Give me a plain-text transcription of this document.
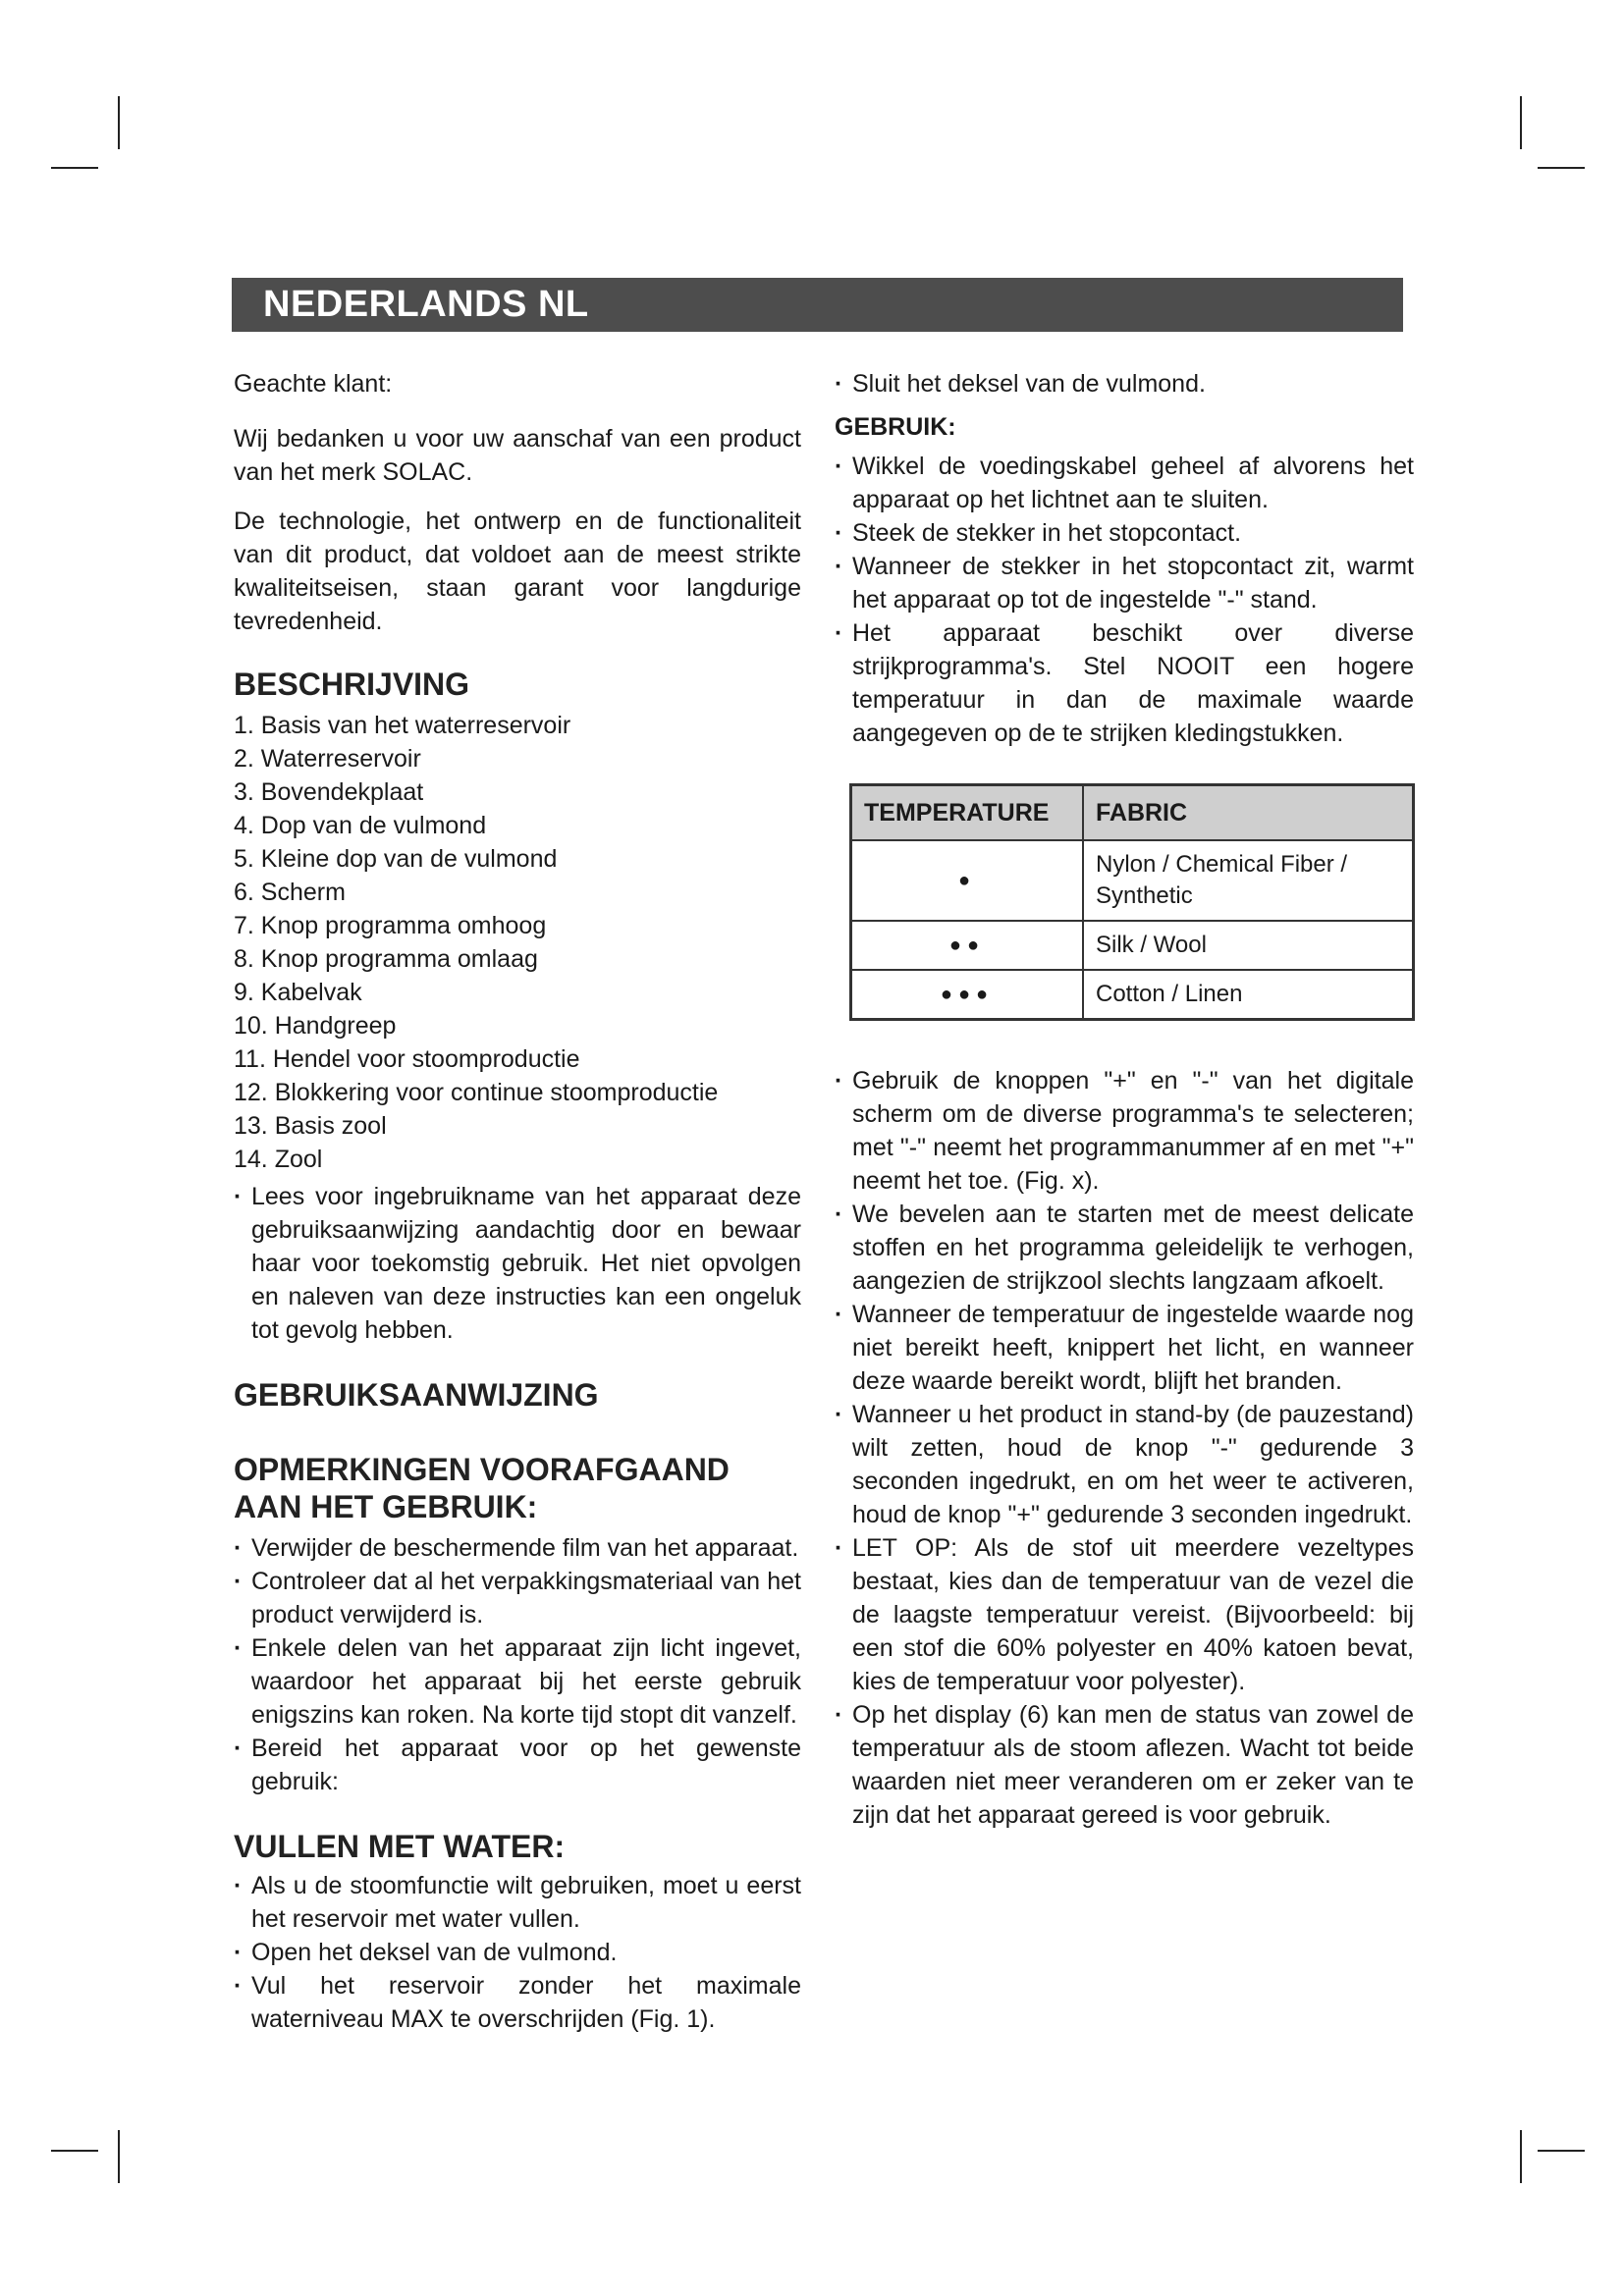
NEDERLANDS NL

Geachte klant:

Wij bedanken u voor uw aanschaf van een product van het merk SOLAC.

De technologie, het ontwerp en de functionaliteit van dit product, dat voldoet aan de meest strikte kwaliteitseisen, staan garant voor langdurige tevredenheid.

BESCHRIJVING
1. Basis van het waterreservoir
2. Waterreservoir
3. Bovendekplaat
4. Dop van de vulmond
5. Kleine dop van de vulmond
6. Scherm
7. Knop programma omhoog
8. Knop programma omlaag
9. Kabelvak
10. Handgreep
11. Hendel voor stoomproductie
12. Blokkering voor continue stoomproductie
13. Basis zool
14. Zool
· Lees voor ingebruikname van het apparaat deze gebruiksaanwijzing aandachtig door en bewaar haar voor toekomstig gebruik. Het niet opvolgen en naleven van deze instructies kan een ongeluk tot gevolg hebben.
GEBRUIKSAANWIJZING
OPMERKINGEN VOORAFGAAND AAN HET GEBRUIK:
· Verwijder de beschermende film van het apparaat.
· Controleer dat al het verpakkingsmateriaal van het product verwijderd is.
· Enkele delen van het apparaat zijn licht ingevet, waardoor het apparaat bij het eerste gebruik enigszins kan roken. Na korte tijd stopt dit vanzelf.
· Bereid het apparaat voor op het gewenste gebruik:
VULLEN MET WATER:
· Als u de stoomfunctie wilt gebruiken, moet u eerst het reservoir met water vullen.
· Open het deksel van de vulmond.
· Vul het reservoir zonder het maximale waterniveau MAX te overschrijden (Fig. 1).
· Sluit het deksel van de vulmond.
GEBRUIK:
· Wikkel de voedingskabel geheel af alvorens het apparaat op het lichtnet aan te sluiten.
· Steek de stekker in het stopcontact.
· Wanneer de stekker in het stopcontact zit, warmt het apparaat op tot de ingestelde "-" stand.
· Het apparaat beschikt over diverse strijkprogramma's. Stel NOOIT een hogere temperatuur in dan de maximale waarde aangegeven op de te strijken kledingstukken.
TEMPERATURE	FABRIC
●	Nylon / Chemical Fiber / Synthetic
●●	Silk / Wool
●●●	Cotton / Linen
· Gebruik de knoppen "+" en "-" van het digitale scherm om de diverse programma's te selecteren; met "-" neemt het programmanummer af en met "+" neemt het toe. (Fig. x).
· We bevelen aan te starten met de meest delicate stoffen en het programma geleidelijk te verhogen, aangezien de strijkzool slechts langzaam afkoelt.
· Wanneer de temperatuur de ingestelde waarde nog niet bereikt heeft, knippert het licht, en wanneer deze waarde bereikt wordt, blijft het branden.
· Wanneer u het product in stand-by (de pauzestand) wilt zetten, houd de knop "-" gedurende 3 seconden ingedrukt, en om het weer te activeren, houd de knop "+" gedurende 3 seconden ingedrukt.
· LET OP: Als de stof uit meerdere vezeltypes bestaat, kies dan de temperatuur van de vezel die de laagste temperatuur vereist. (Bijvoorbeeld: bij een stof die 60% polyester en 40% katoen bevat, kies de temperatuur voor polyester).
· Op het display (6) kan men de status van zowel de temperatuur als de stoom aflezen. Wacht tot beide waarden niet meer veranderen om er zeker van te zijn dat het apparaat gereed is voor gebruik.
